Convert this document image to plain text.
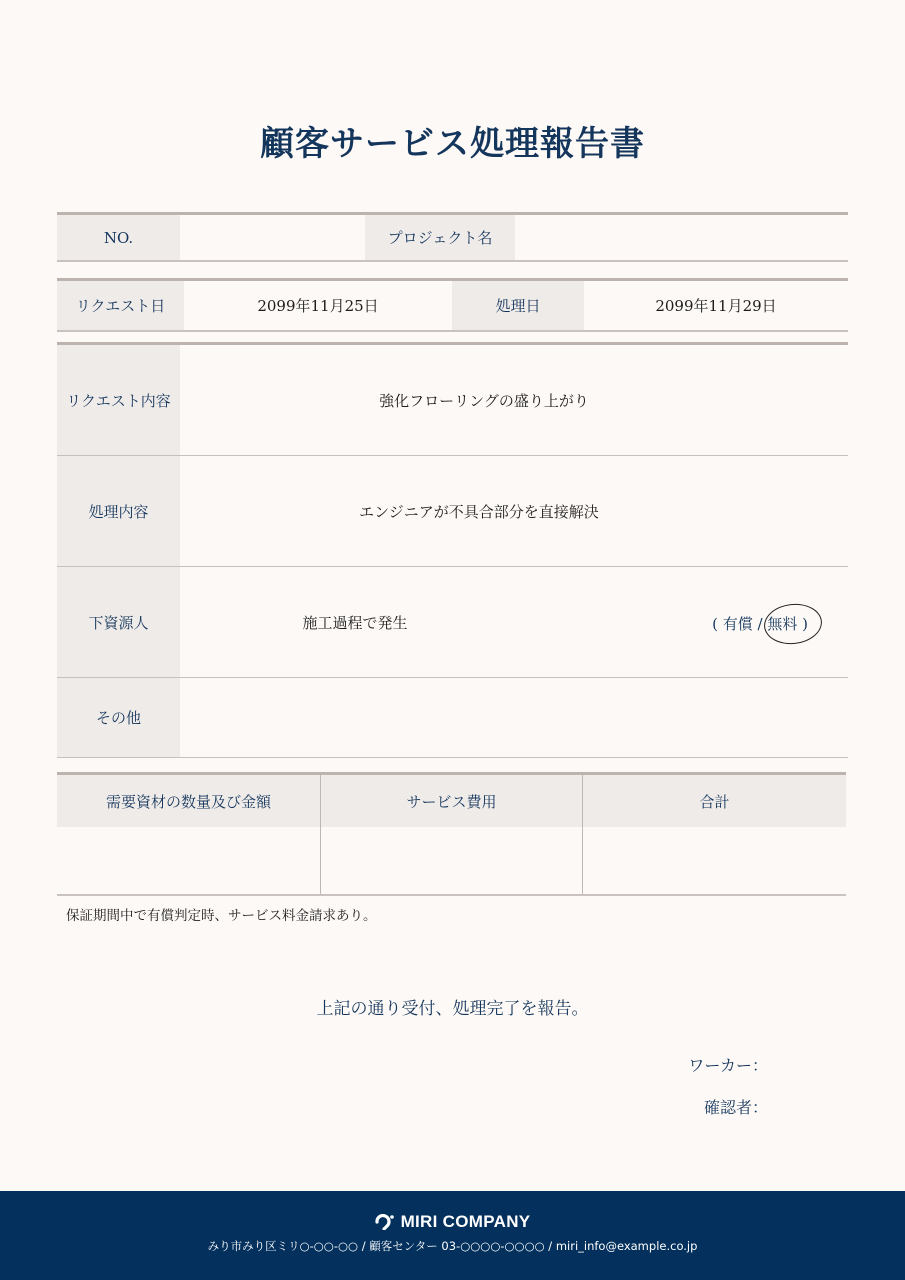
顧客サービス処理報告書
NO.	プロジェクト名
リクエスト日	2099年11月25日	処理日	2099年11月29日
リクエスト内容	強化フローリングの盛り上がり
処理内容	エンジニアが不具合部分を直接解決
下資源人	施工過程で発生	( 有償 / 無料 )
その他
需要資材の数量及び金額	サービス費用	合計

保証期間中で有償判定時、サービス料金請求あり。

上記の通り受付、処理完了を報告。

ワーカー：
確認者：
MIRI COMPANY
みり市みり区ミリ○-○○-○○ / 顧客センター 03-○○○○-○○○○ / miri_info@example.co.jp
